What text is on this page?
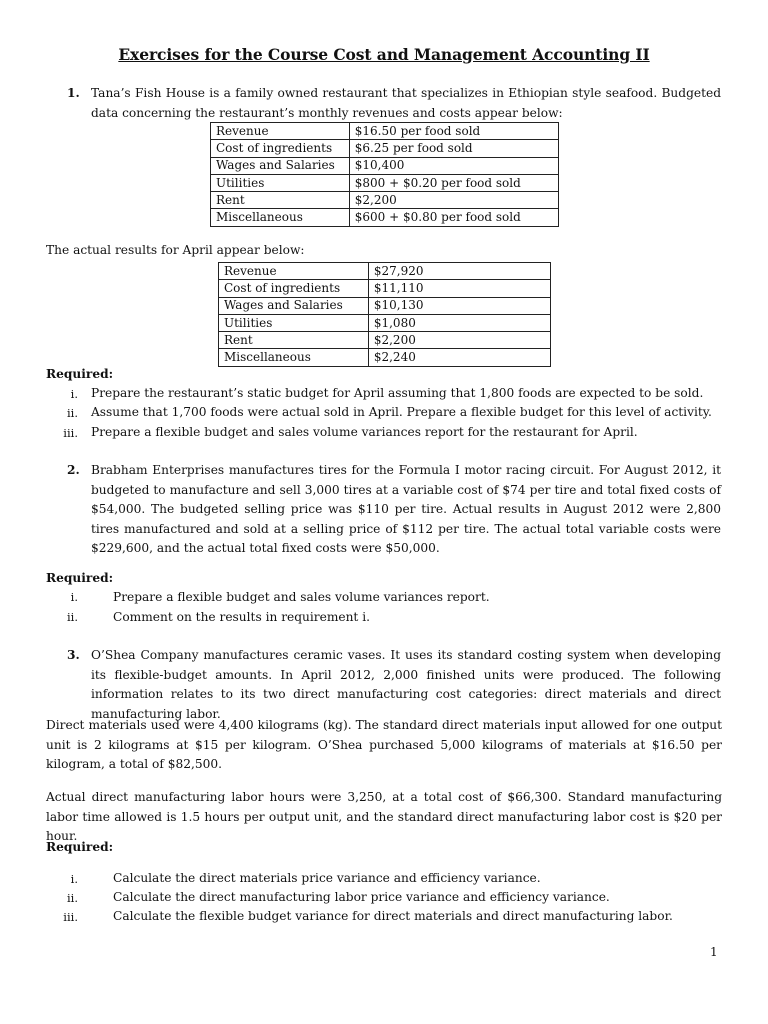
Exercises for the Course Cost and Management Accounting II
1. Tana’s Fish House is a family owned restaurant that specializes in Ethiopian style seafood. Budgeted data concerning the restaurant’s monthly revenues and costs appear below:
Revenue	$16.50 per food sold
Cost of ingredients	$6.25 per food sold
Wages and Salaries	$10,400
Utilities	$800 + $0.20 per food sold
Rent	$2,200
Miscellaneous	$600 + $0.80 per food sold
The actual results for April appear below:
Revenue	$27,920
Cost of ingredients	$11,110
Wages and Salaries	$10,130
Utilities	$1,080
Rent	$2,200
Miscellaneous	$2,240
Required:
i. Prepare the restaurant’s static budget for April assuming that 1,800 foods are expected to be sold.
ii. Assume that 1,700 foods were actual sold in April. Prepare a flexible budget for this level of activity.
iii. Prepare a flexible budget and sales volume variances report for the restaurant for April.
2. Brabham Enterprises manufactures tires for the Formula I motor racing circuit. For August 2012, it budgeted to manufacture and sell 3,000 tires at a variable cost of $74 per tire and total fixed costs of $54,000. The budgeted selling price was $110 per tire. Actual results in August 2012 were 2,800 tires manufactured and sold at a selling price of $112 per tire. The actual total variable costs were $229,600, and the actual total fixed costs were $50,000.
Required:
i.	Prepare a flexible budget and sales volume variances report.
ii.	Comment on the results in requirement i.
3. O’Shea Company manufactures ceramic vases. It uses its standard costing system when developing its flexible-budget amounts. In April 2012, 2,000 finished units were produced. The following information relates to its two direct manufacturing cost categories: direct materials and direct manufacturing labor.
Direct materials used were 4,400 kilograms (kg). The standard direct materials input allowed for one output unit is 2 kilograms at $15 per kilogram. O’Shea purchased 5,000 kilograms of materials at $16.50 per kilogram, a total of $82,500.
Actual direct manufacturing labor hours were 3,250, at a total cost of $66,300. Standard manufacturing labor time allowed is 1.5 hours per output unit, and the standard direct manufacturing labor cost is $20 per hour.
Required:
i.	Calculate the direct materials price variance and efficiency variance.
ii.	Calculate the direct manufacturing labor price variance and efficiency variance.
iii.	Calculate the flexible budget variance for direct materials and direct manufacturing labor.
1
